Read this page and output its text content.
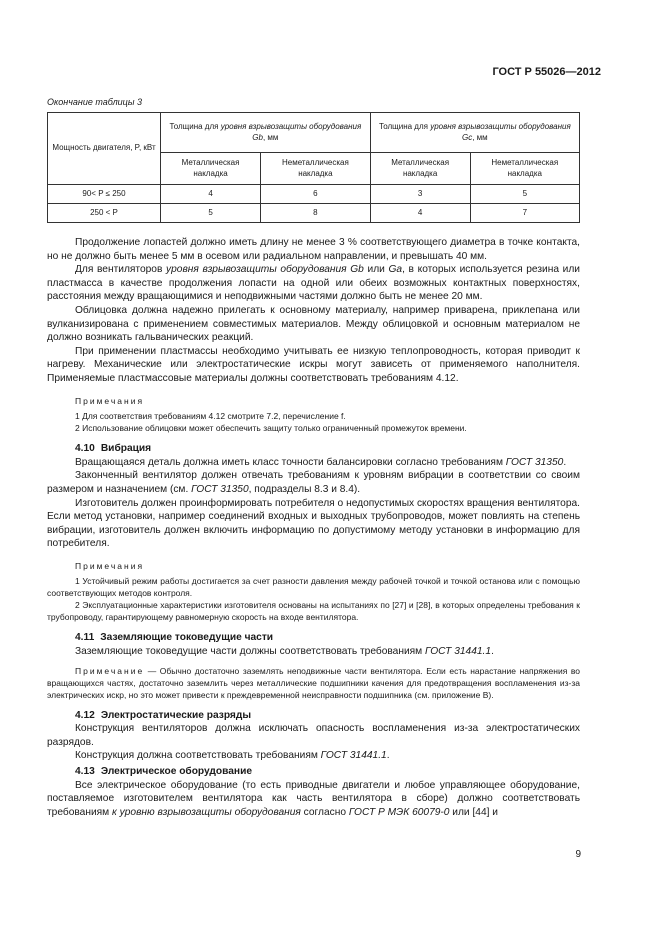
ГОСТ Р 55026—2012
Окончание таблицы 3
Мощность двигателя, P, кВт	Толщина для уровня взрывозащиты оборудования Gb, мм		Толщина для уровня взрывозащиты оборудования Gc, мм	
	Металлическая накладка	Неметаллическая накладка	Металлическая накладка	Неметаллическая накладка
90< P ≤ 250	4	6	3	5
250 < P	5	8	4	7

Продолжение лопастей должно иметь длину не менее 3 % соответствующего диаметра в точке контакта, но не должно быть менее 5 мм в осевом или радиальном направлении, и превышать 40 мм.

Для вентиляторов уровня взрывозащиты оборудования Gb или Gа, в которых используется резина или пластмасса в качестве продолжения лопасти на одной или обеих возможных контактных поверхностях, расстояния между вращающимися и неподвижными частями должно быть не менее 20 мм.

Облицовка должна надежно прилегать к основному материалу, например приварена, приклепана или вулканизирована с применением совместимых материалов. Между облицовкой и основным материалом не должно возникать гальванических реакций.

При применении пластмассы необходимо учитывать ее низкую теплопроводность, которая приводит к нагреву. Механические или электростатические искры могут зависеть от применяемого наполнителя. Применяемые пластмассовые материалы должны соответствовать требованиям 4.12.

Примечания

1 Для соответствия требованиям 4.12 смотрите 7.2, перечисление f.

2 Использование облицовки может обеспечить защиту только ограниченный промежуток времени.

4.10 Вибрация

Вращающаяся деталь должна иметь класс точности балансировки согласно требованиям ГОСТ 31350.

Законченный вентилятор должен отвечать требованиям к уровням вибрации в соответствии со своим размером и назначением (см. ГОСТ 31350, подразделы 8.3 и 8.4).

Изготовитель должен проинформировать потребителя о недопустимых скоростях вращения вентилятора. Если метод установки, например соединений входных и выходных трубопроводов, может повлиять на степень вибрации, изготовитель должен включить информацию по допустимому методу установки в информацию для потребителя.

Примечания

1 Устойчивый режим работы достигается за счет разности давления между рабочей точкой и точкой останова или с помощью соответствующих методов контроля.

2 Эксплуатационные характеристики изготовителя основаны на испытаниях по [27] и [28], в которых определены требования к трубопроводу, гарантирующему равномерную скорость на входе вентилятора.

4.11 Заземляющие токоведущие части

Заземляющие токоведущие части должны соответствовать требованиям ГОСТ 31441.1.

Примечание — Обычно достаточно заземлять неподвижные части вентилятора. Если есть нарастание напряжения во вращающихся частях, достаточно заземлить через металлические подшипники качения для предотвращения воспламенения из-за электрических искр, но это может привести к преждевременной неисправности подшипника (см. приложение В).

4.12 Электростатические разряды

Конструкция вентиляторов должна исключать опасность воспламенения из-за электростатических разрядов.

Конструкция должна соответствовать требованиям ГОСТ 31441.1.

4.13 Электрическое оборудование

Все электрическое оборудование (то есть приводные двигатели и любое управляющее оборудование, поставляемое изготовителем вентилятора как часть вентилятора в сборе) должно соответствовать требованиям к уровню взрывозащиты оборудования согласно ГОСТ Р МЭК 60079-0 или [44] и

9
